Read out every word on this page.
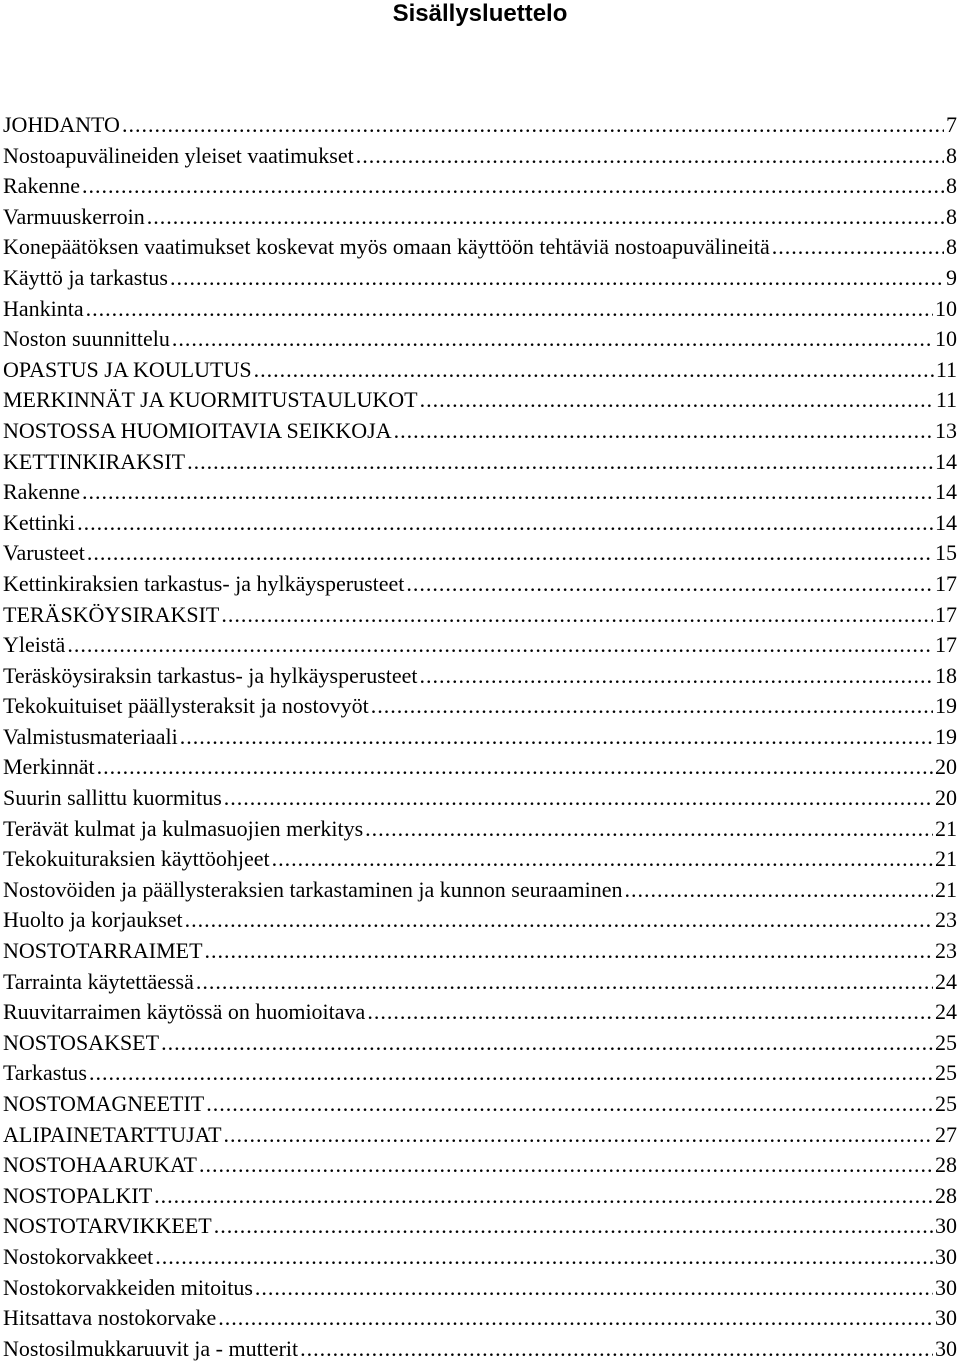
Sisällysluettelo
JOHDANTO .....	7
Nostoapuvälineiden yleiset vaatimukset .....	8
Rakenne .....	8
Varmuuskerroin .....	8
Konepäätöksen vaatimukset koskevat myös omaan käyttöön tehtäviä nostoapuvälineitä .....	8
Käyttö ja tarkastus .....	9
Hankinta .....	10
Noston suunnittelu .....	10
OPASTUS JA KOULUTUS .....	11
MERKINNÄT JA KUORMITUSTAULUKOT .....	11
NOSTOSSA HUOMIOITAVIA SEIKKOJA .....	13
KETTINKIRAKSIT .....	14
Rakenne .....	14
Kettinki .....	14
Varusteet .....	15
Kettinkiraksien tarkastus- ja hylkäysperusteet .....	17
TERÄSKÖYSIRAKSIT .....	17
Yleistä .....	17
Teräsköysiraksin tarkastus- ja hylkäysperusteet .....	18
Tekokuituiset päällysteraksit ja nostovyöt .....	19
Valmistusmateriaali .....	19
Merkinnät .....	20
Suurin sallittu kuormitus .....	20
Terävät kulmat ja kulmasuojien merkitys .....	21
Tekokuituraksien käyttöohjeet .....	21
Nostovöiden ja päällysteraksien tarkastaminen ja kunnon seuraaminen .....	21
Huolto ja korjaukset .....	23
NOSTOTARRAIMET .....	23
Tarrainta käytettäessä .....	24
Ruuvitarraimen käytössä on huomioitava .....	24
NOSTOSAKSET .....	25
Tarkastus .....	25
NOSTOMAGNEETIT .....	25
ALIPAINETARTTUJAT .....	27
NOSTOHAARUKAT .....	28
NOSTOPALKIT .....	28
NOSTOTARVIKKEET .....	30
Nostokorvakkeet .....	30
Nostokorvakkeiden mitoitus .....	30
Hitsattava nostokorvake .....	30
Nostosilmukkaruuvit ja - mutterit .....	30
